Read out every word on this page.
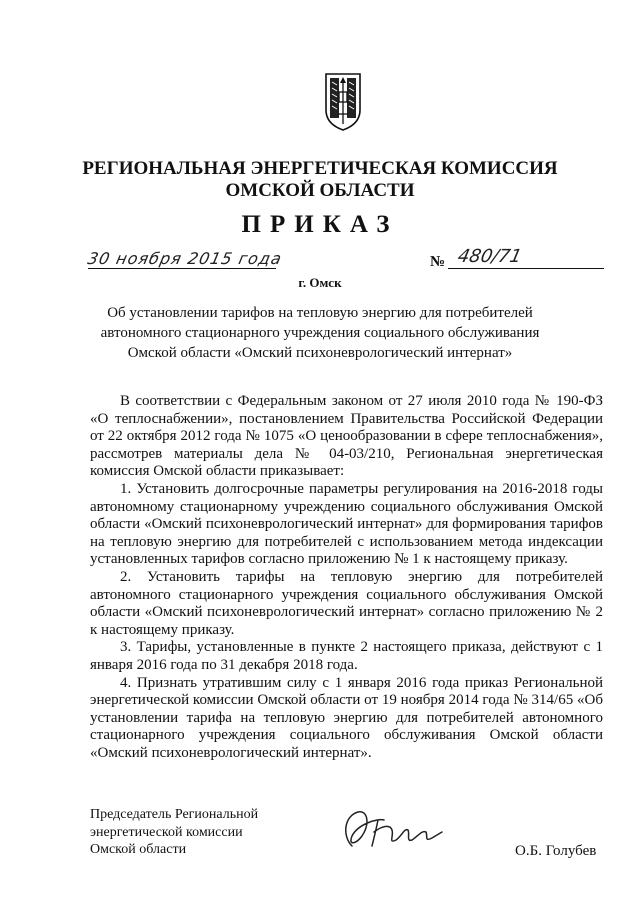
РЕГИОНАЛЬНАЯ ЭНЕРГЕТИЧЕСКАЯ КОМИССИЯ
ОМСКОЙ ОБЛАСТИ
ПРИКАЗ
30 ноября 2015 года	№ 480/71
г. Омск
Об установлении тарифов на тепловую энергию для потребителей
автономного стационарного учреждения социального обслуживания
Омской области «Омский психоневрологический интернат»

В соответствии с Федеральным законом от 27 июля 2010 года № 190-ФЗ «О теплоснабжении», постановлением Правительства Российской Федерации от 22 октября 2012 года № 1075 «О ценообразовании в сфере теплоснабжения», рассмотрев материалы дела № 04-03/210, Региональная энергетическая комиссия Омской области приказывает:

1. Установить долгосрочные параметры регулирования на 2016-2018 годы автономному стационарному учреждению социального обслуживания Омской области «Омский психоневрологический интернат» для формирования тарифов на тепловую энергию для потребителей с использованием метода индексации установленных тарифов согласно приложению № 1 к настоящему приказу.

2. Установить тарифы на тепловую энергию для потребителей автономного стационарного учреждения социального обслуживания Омской области «Омский психоневрологический интернат» согласно приложению № 2 к настоящему приказу.

3. Тарифы, установленные в пункте 2 настоящего приказа, действуют с 1 января 2016 года по 31 декабря 2018 года.

4. Признать утратившим силу с 1 января 2016 года приказ Региональной энергетической комиссии Омской области от 19 ноября 2014 года № 314/65 «Об установлении тарифа на тепловую энергию для потребителей автономного стационарного учреждения социального обслуживания Омской области «Омский психоневрологический интернат».

Председатель Региональной
энергетической комиссии
Омской области	О.Б. Голубев
